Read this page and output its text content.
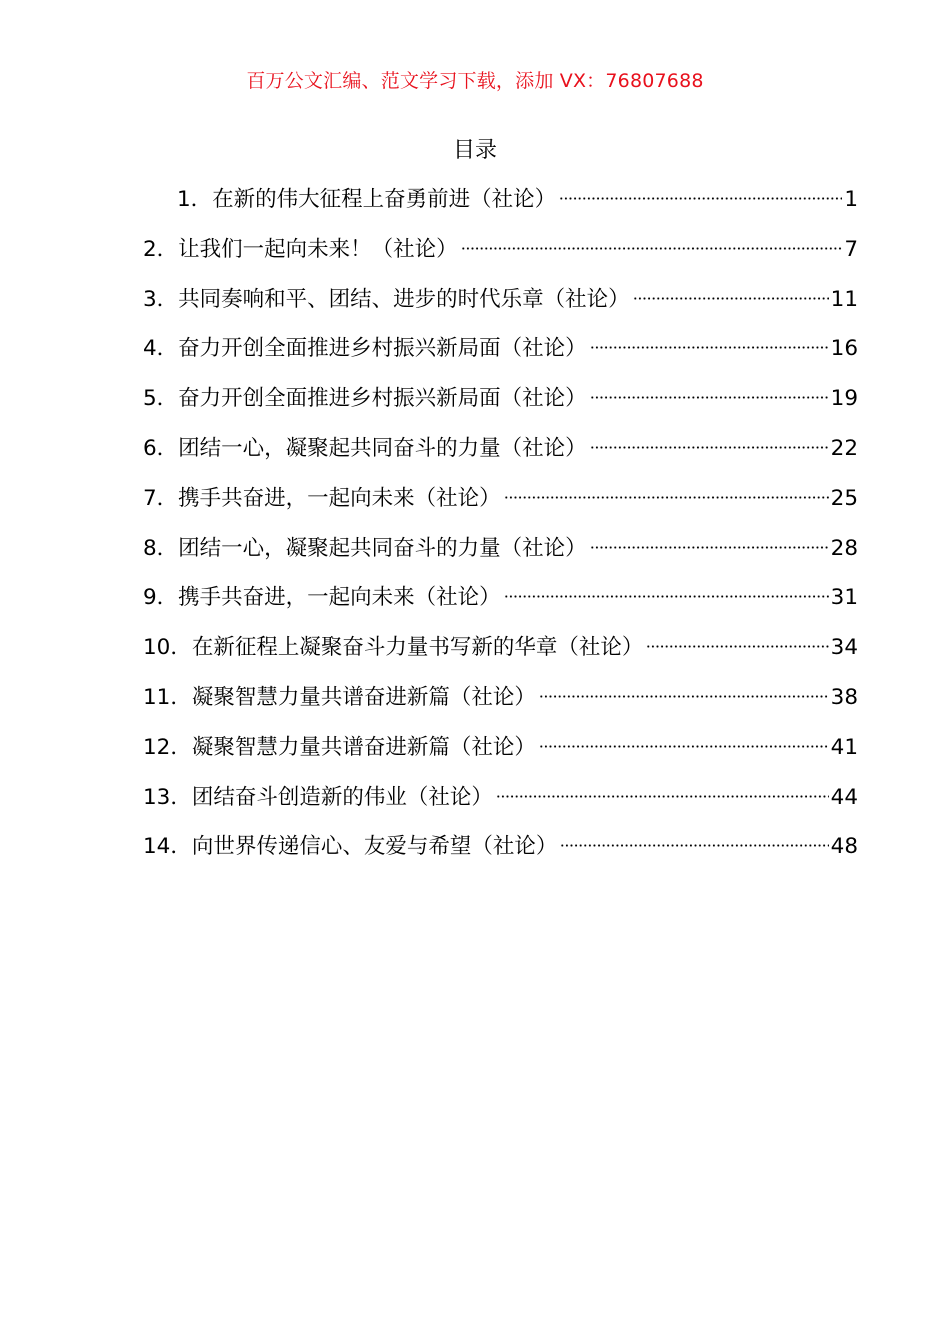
百万公文汇编、范文学习下载，添加 VX：76807688
目录
1．在新的伟大征程上奋勇前进（社论）	1
2．让我们一起向未来！（社论）	7
3．共同奏响和平、团结、进步的时代乐章（社论）	11
4．奋力开创全面推进乡村振兴新局面（社论）	16
5．奋力开创全面推进乡村振兴新局面（社论）	19
6．团结一心，凝聚起共同奋斗的力量（社论）	22
7．携手共奋进，一起向未来（社论）	25
8．团结一心，凝聚起共同奋斗的力量（社论）	28
9．携手共奋进，一起向未来（社论）	31
10．在新征程上凝聚奋斗力量书写新的华章（社论）	34
11．凝聚智慧力量共谱奋进新篇（社论）	38
12．凝聚智慧力量共谱奋进新篇（社论）	41
13．团结奋斗创造新的伟业（社论）	44
14．向世界传递信心、友爱与希望（社论）	48
